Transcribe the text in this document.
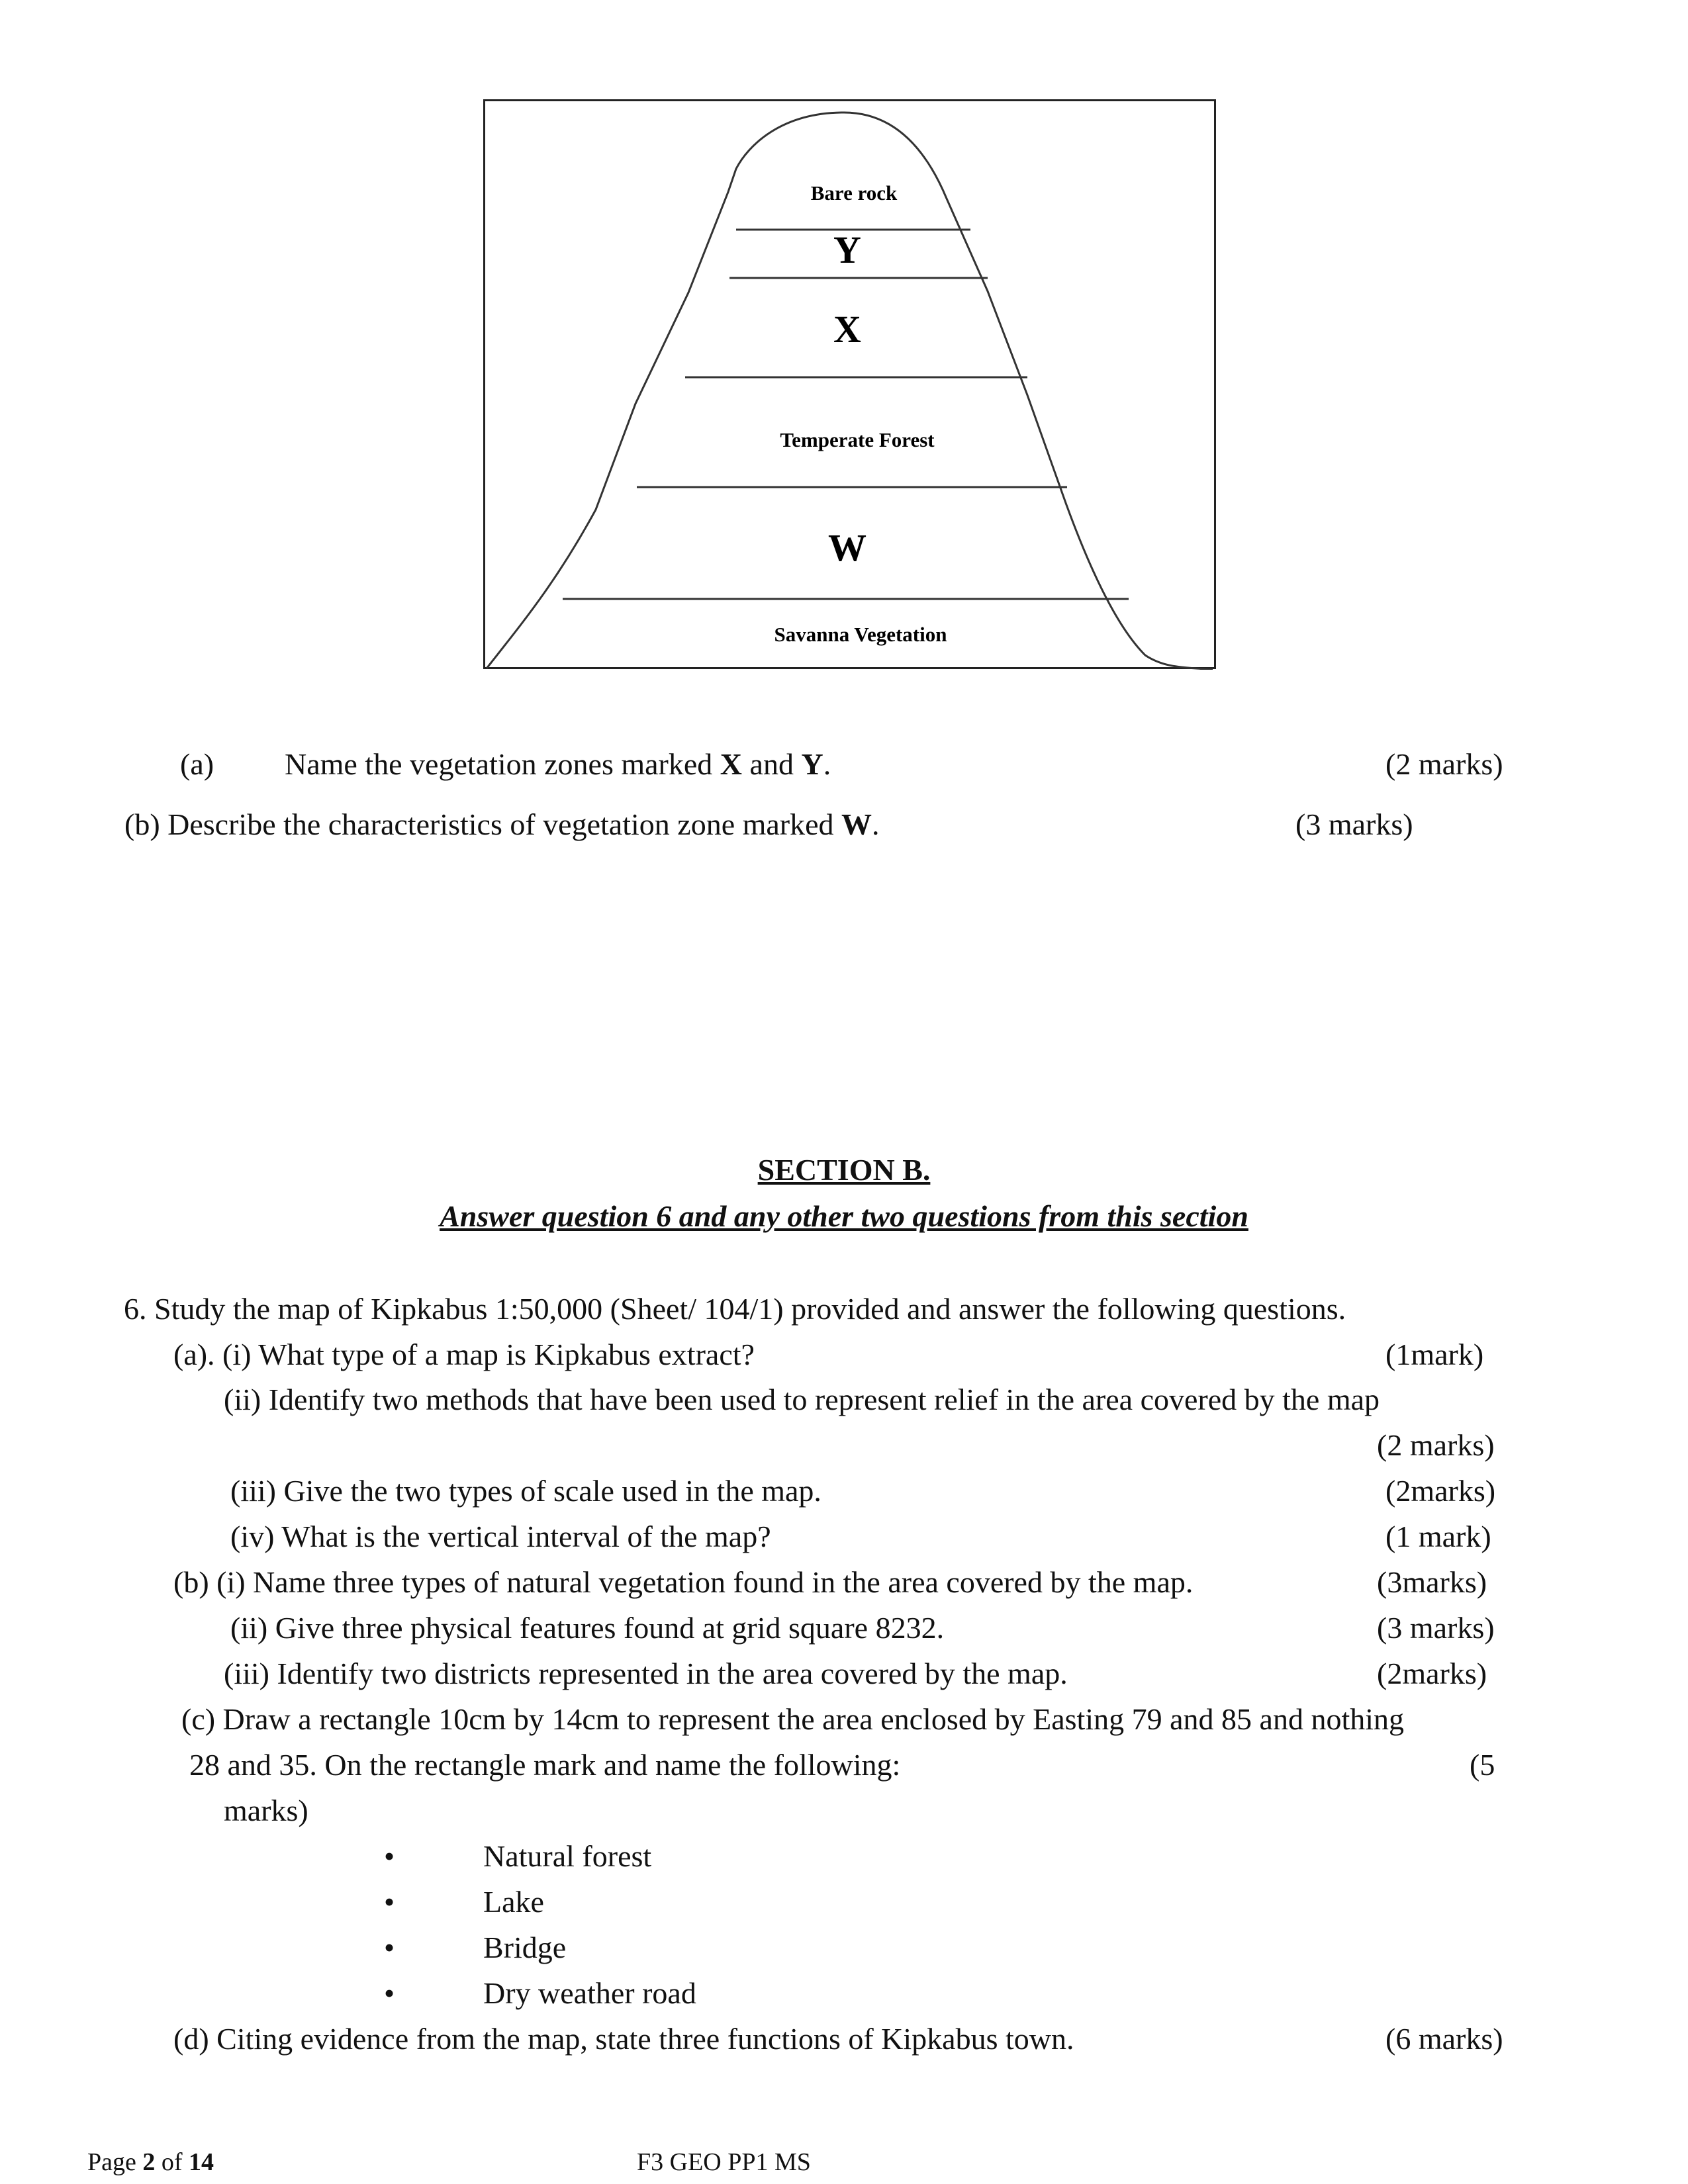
Bare rock
Y
X
Temperate Forest
W
Savanna Vegetation
(a) Name the vegetation zones marked X and Y.	(2 marks)
(b) Describe the characteristics of vegetation zone marked W.	(3 marks)
SECTION B.
Answer question 6 and any other two questions from this section
6. Study the map of Kipkabus 1:50,000 (Sheet/ 104/1) provided and answer the following questions.
(a). (i) What type of a map is Kipkabus extract?	(1mark)
(ii) Identify two methods that have been used to represent relief in the area covered by the map
(2 marks)
(iii) Give the two types of scale used in the map.	(2marks)
(iv) What is the vertical interval of the map?	(1 mark)
(b) (i) Name three types of natural vegetation found in the area covered by the map.	(3marks)
(ii) Give three physical features found at grid square 8232.	(3 marks)
(iii) Identify two districts represented in the area covered by the map.	(2marks)
(c) Draw a rectangle 10cm by 14cm to represent the area enclosed by Easting 79 and 85 and nothing
28 and 35. On the rectangle mark and name the following:	(5
marks)
•	Natural forest
•	Lake
•	Bridge
•	Dry weather road
(d) Citing evidence from the map, state three functions of Kipkabus town.	(6 marks)
Page 2 of 14	F3 GEO PP1 MS
